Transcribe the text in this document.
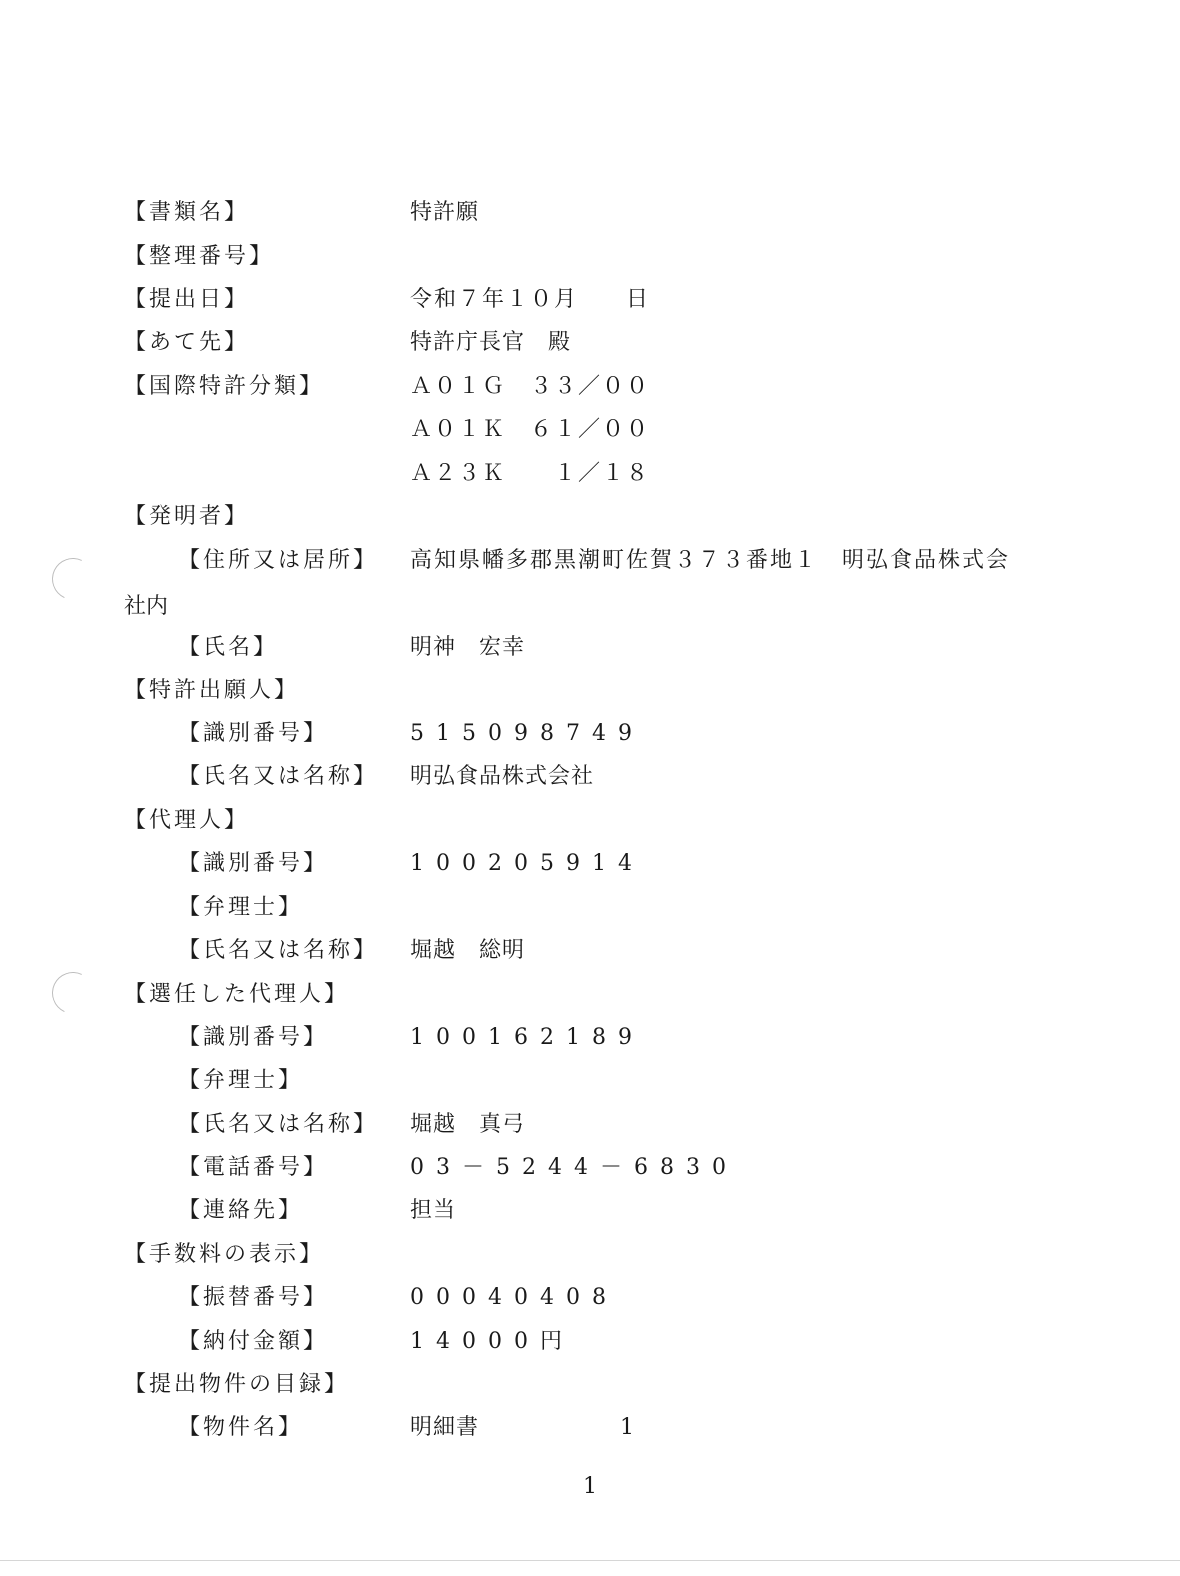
【書類名】	特許願
【整理番号】
【提出日】	令和７年１０月　　日
【あて先】	特許庁長官　殿
【国際特許分類】	Ａ０１Ｇ　３３／００
Ａ０１Ｋ　６１／００
Ａ２３Ｋ　　１／１８
【発明者】
【住所又は居所】 高知県幡多郡黒潮町佐賀３７３番地１　明弘食品株式会
社内
【氏名】	明神　宏幸
【特許出願人】
【識別番号】	515098749
【氏名又は名称】 明弘食品株式会社
【代理人】
【識別番号】	100205914
【弁理士】
【氏名又は名称】 堀越　総明
【選任した代理人】
【識別番号】	100162189
【弁理士】
【氏名又は名称】 堀越　真弓
【電話番号】	03－5244－6830
【連絡先】	担当
【手数料の表示】
【振替番号】	00040408
【納付金額】	14000円
【提出物件の目録】
【物件名】	明細書	1
1
